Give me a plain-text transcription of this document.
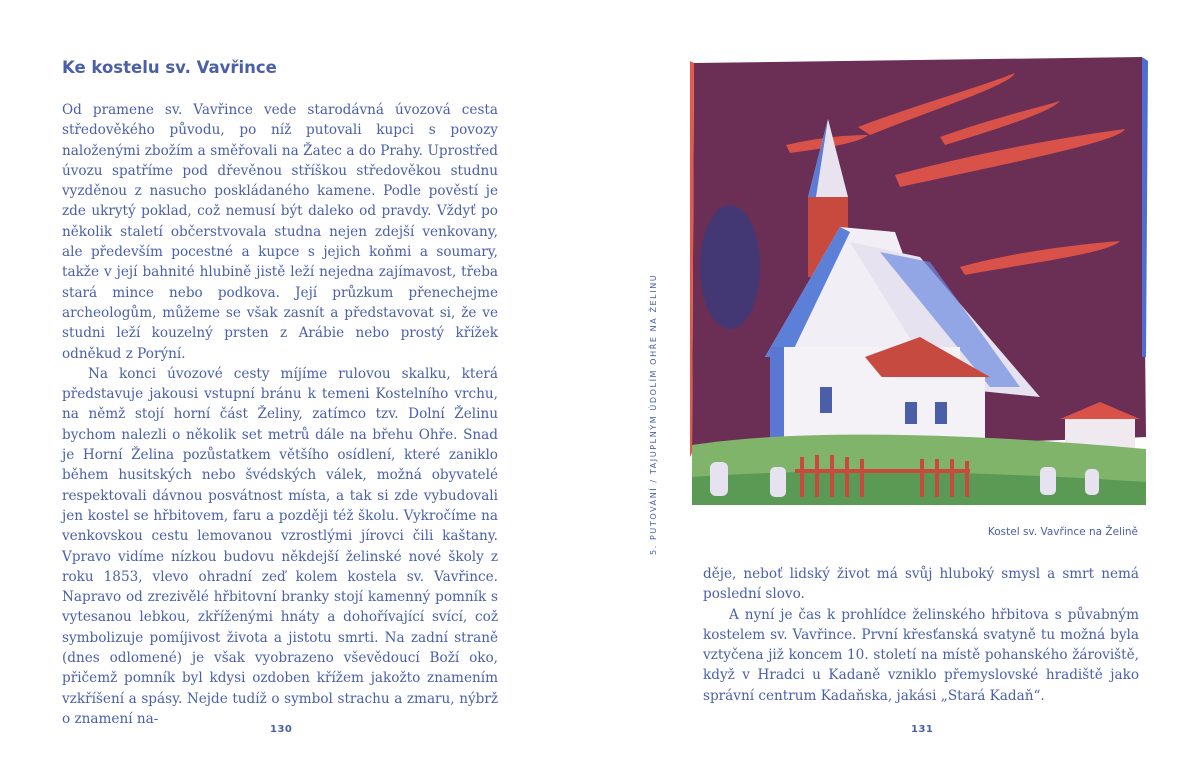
Ke kostelu sv. Vavřince

Od pramene sv. Vavřince vede starodávná úvozová cesta středověkého původu, po níž putovali kupci s povozy naloženými zbožím a směřovali na Žatec a do Prahy. Uprostřed úvozu spatříme pod dřevěnou stříškou středověkou studnu vyzděnou z nasucho poskládaného kamene. Podle pověstí je zde ukrytý poklad, což nemusí být daleko od pravdy. Vždyť po několik staletí občerstvovala studna nejen zdejší venkovany, ale především pocestné a kupce s jejich koňmi a soumary, takže v její bahnité hlubině jistě leží nejedna zajímavost, třeba stará mince nebo podkova. Její průzkum přenechejme archeologům, můžeme se však zasnít a představovat si, že ve studni leží kouzelný prsten z Arábie nebo prostý křížek odněkud z Porýní.

Na konci úvozové cesty míjíme rulovou skalku, která představuje jakousi vstupní bránu k temeni Kostelního vrchu, na němž stojí horní část Želiny, zatímco tzv. Dolní Želinu bychom nalezli o několik set metrů dále na břehu Ohře. Snad je Horní Želina pozůstatkem většího osídlení, které zaniklo během husitských nebo švédských válek, možná obyvatelé respektovali dávnou posvátnost místa, a tak si zde vybudovali jen kostel se hřbitovem, faru a později též školu. Vykročíme na venkovskou cestu lemovanou vzrostlými jírovci čili kaštany. Vpravo vidíme nízkou budovu někdejší želinské nové školy z roku 1853, vlevo ohradní zeď kolem kostela sv. Vavřince. Napravo od zrezivělé hřbitovní branky stojí kamenný pomník s vytesanou lebkou, zkříženými hnáty a dohořívající svící, což symbolizuje pomíjivost života a jistotu smrti. Na zadní straně (dnes odlomené) je však vyobrazeno vševědoucí Boží oko, přičemž pomník byl kdysi ozdoben křížem jakožto znamením vzkříšení a spásy. Nejde tudíž o symbol strachu a zmaru, nýbrž o znamení na-

130
5. PUTOVÁNÍ / TAJUPLNÝM ÚDOLÍM OHŘE NA ŽELINU	Kostel sv. Vavřince na Želině

děje, neboť lidský život má svůj hluboký smysl a smrt nemá poslední slovo.

A nyní je čas k prohlídce želinského hřbitova s půvabným kostelem sv. Vavřince. První křesťanská svatyně tu možná byla vztyčena již koncem 10. století na místě pohanského žároviště, když v Hradci u Kadaně vzniklo přemyslovské hradiště jako správní centrum Kadaňska, jakási „Stará Kadaň“.

131
